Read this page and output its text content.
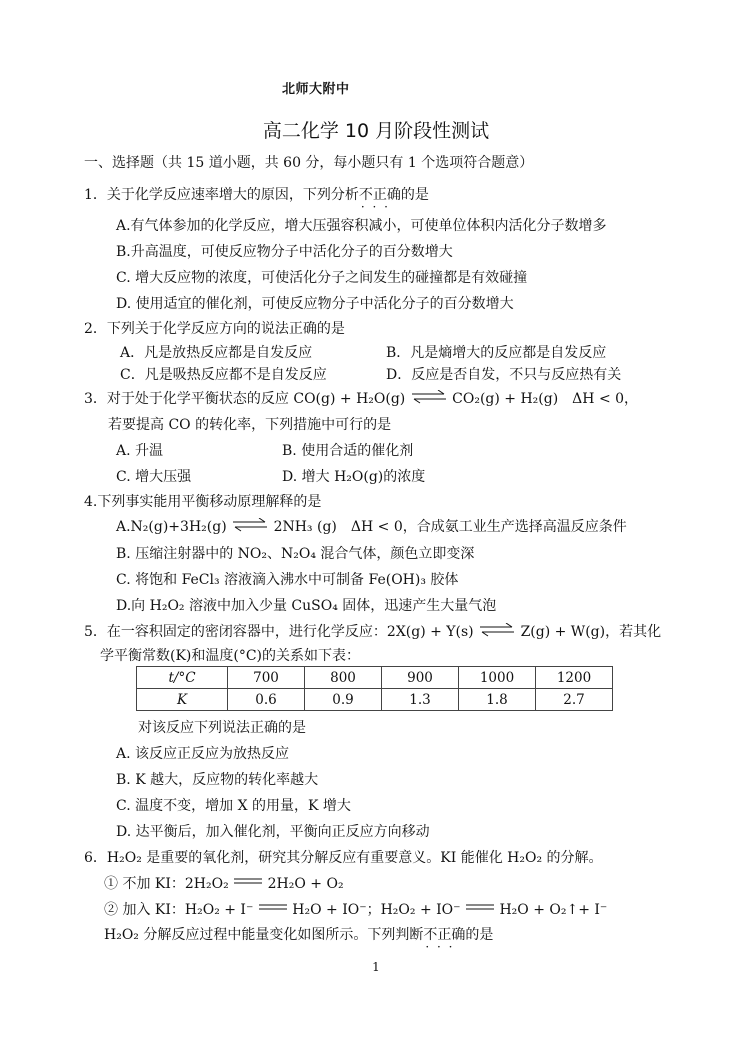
北师大附中
高二化学 10 月阶段性测试
一、选择题（共 15 道小题，共 60 分，每小题只有 1 个选项符合题意）
1．关于化学反应速率增大的原因，下列分析不正确 · · ·的是
A.有气体参加的化学反应，增大压强容积减小，可使单位体积内活化分子数增多
B.升高温度，可使反应物分子中活化分子的百分数增大
C. 增大反应物的浓度，可使活化分子之间发生的碰撞都是有效碰撞
D. 使用适宜的催化剂，可使反应物分子中活化分子的百分数增大
2．下列关于化学反应方向的说法正确的是
A．凡是放热反应都是自发反应	B．凡是熵增大的反应都是自发反应
C．凡是吸热反应都不是自发反应	D．反应是否自发，不只与反应热有关
3．对于处于化学平衡状态的反应 CO(g) + H₂O(g) ⇌ CO₂(g) + H₂(g)　ΔH < 0，
若要提高 CO 的转化率，下列措施中可行的是
A. 升温	B. 使用合适的催化剂
C. 增大压强	D. 增大 H₂O(g)的浓度
4.下列事实能用平衡移动原理解释的是
A.N₂(g)+3H₂(g) ⇌ 2NH₃ (g)　ΔH < 0，合成氨工业生产选择高温反应条件
B. 压缩注射器中的 NO₂、N₂O₄ 混合气体，颜色立即变深
C. 将饱和 FeCl₃ 溶液滴入沸水中可制备 Fe(OH)₃ 胶体
D.向 H₂O₂ 溶液中加入少量 CuSO₄ 固体，迅速产生大量气泡
5．在一容积固定的密闭容器中，进行化学反应：2X(g) + Y(s) ⇌ Z(g) + W(g)，若其化
学平衡常数(K)和温度(°C)的关系如下表：
t/°C	700	800	900	1000	1200
K	0.6	0.9	1.3	1.8	2.7
对该反应下列说法正确的是
A. 该反应正反应为放热反应
B. K 越大，反应物的转化率越大
C. 温度不变，增加 X 的用量，K 增大
D. 达平衡后，加入催化剂，平衡向正反应方向移动
6．H₂O₂ 是重要的氧化剂，研究其分解反应有重要意义。KI 能催化 H₂O₂ 的分解。
① 不加 KI：2H₂O₂	2H₂O + O₂
② 加入 KI：H₂O₂ + I⁻	H₂O + IO⁻；H₂O₂ + IO⁻	H₂O + O₂↑+ I⁻
H₂O₂ 分解反应过程中能量变化如图所示。下列判断不正确 · · ·的是
1
